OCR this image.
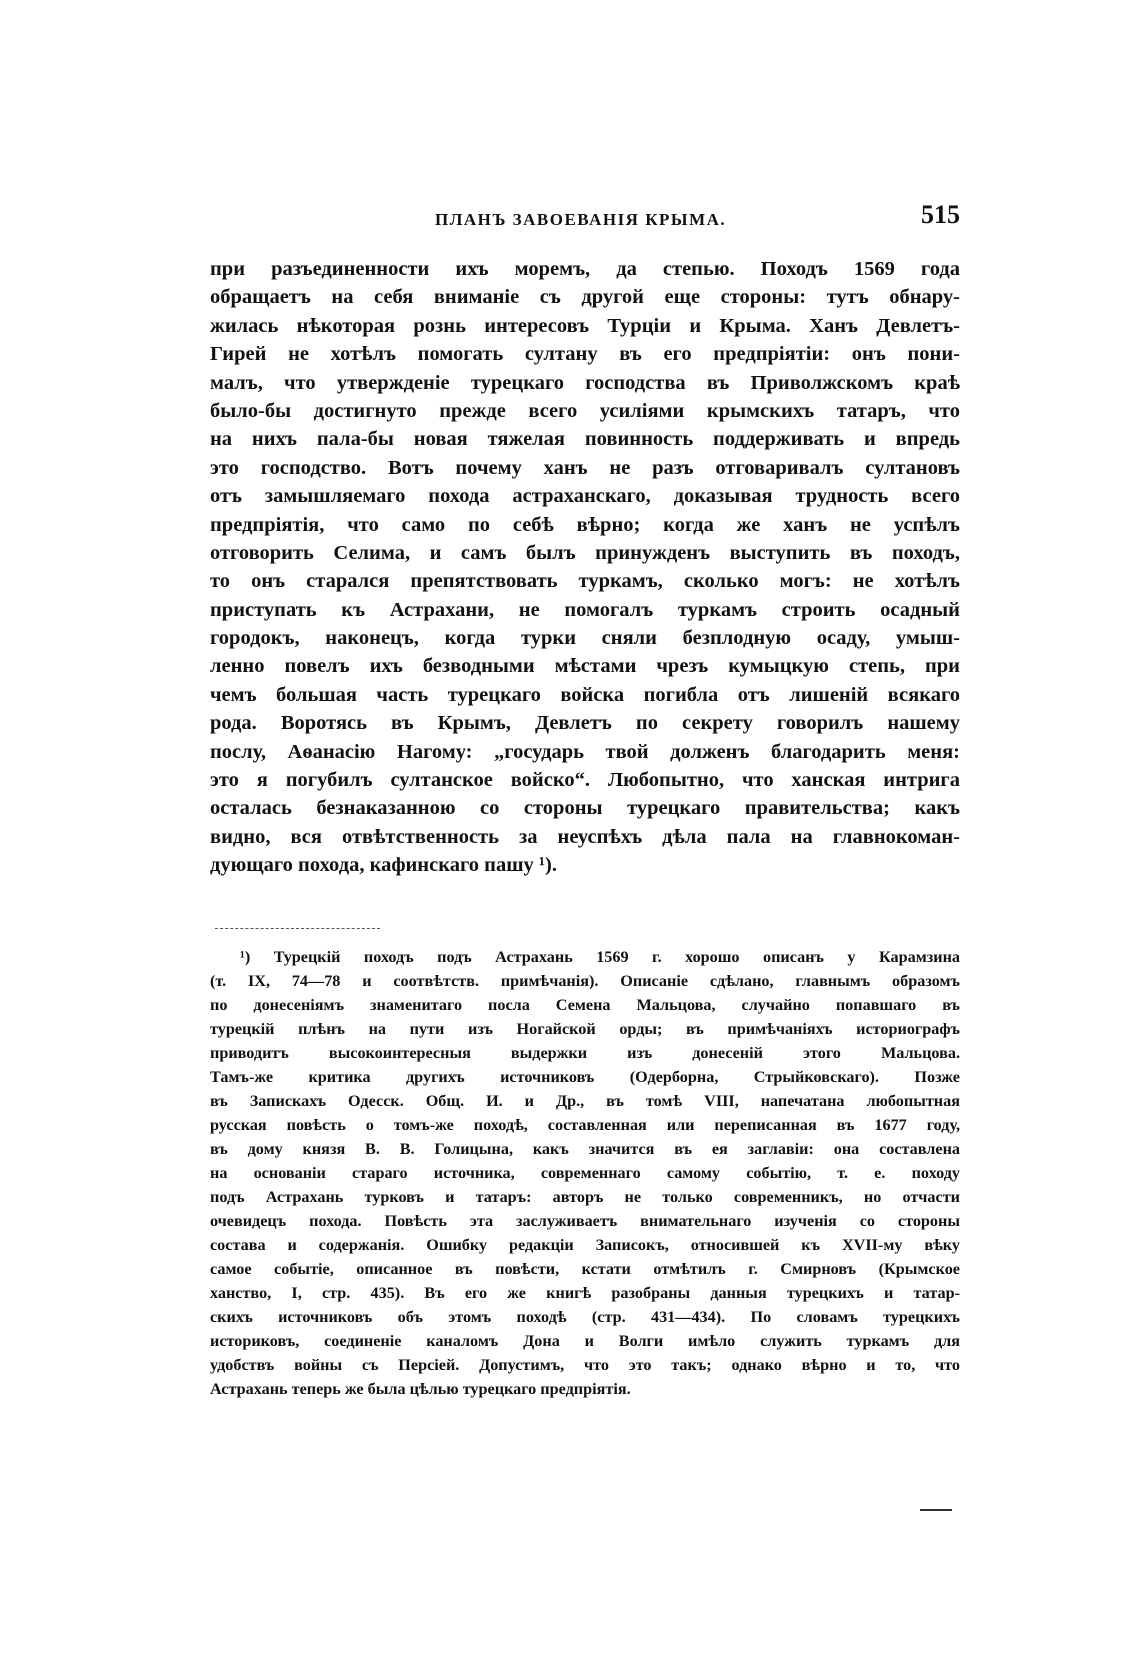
ПЛАНЪ ЗАВОЕВАНІЯ КРЫМА.	515
при разъединенности ихъ моремъ, да степью. Походъ 1569 года
обращаетъ на себя вниманіе съ другой еще стороны: тутъ обнару-
жилась нѣкоторая рознь интересовъ Турціи и Крыма. Ханъ Девлетъ-
Гирей не хотѣлъ помогать султану въ его предпріятіи: онъ пони-
малъ, что утвержденіе турецкаго господства въ Приволжскомъ краѣ
было-бы достигнуто прежде всего усиліями крымскихъ татаръ, что
на нихъ пала-бы новая тяжелая повинность поддерживать и впредь
это господство. Вотъ почему ханъ не разъ отговаривалъ султановъ
отъ замышляемаго похода астраханскаго, доказывая трудность всего
предпріятія, что само по себѣ вѣрно; когда же ханъ не успѣлъ
отговорить Селима, и самъ былъ принужденъ выступить въ походъ,
то онъ старался препятствовать туркамъ, сколько могъ: не хотѣлъ
приступать къ Астрахани, не помогалъ туркамъ строить осадный
городокъ, наконецъ, когда турки сняли безплодную осаду, умыш-
ленно повелъ ихъ безводными мѣстами чрезъ кумыцкую степь, при
чемъ большая часть турецкаго войска погибла отъ лишеній всякаго
рода. Воротясь въ Крымъ, Девлетъ по секрету говорилъ нашему
послу, Аѳанасію Нагому: „государь твой долженъ благодарить меня:
это я погубилъ султанское войско“. Любопытно, что ханская интрига
осталась безнаказанною со стороны турецкаго правительства; какъ
видно, вся отвѣтственность за неуспѣхъ дѣла пала на главнокоман-
дующаго похода, кафинскаго пашу ¹).
¹) Турецкій походъ подъ Астрахань 1569 г. хорошо описанъ у Карамзина
(т. IX, 74—78 и соотвѣтств. примѣчанія). Описаніе сдѣлано, главнымъ образомъ
по донесеніямъ знаменитаго посла Семена Мальцова, случайно попавшаго въ
турецкій плѣнъ на пути изъ Ногайской орды; въ примѣчаніяхъ историографъ
приводитъ высокоинтересныя выдержки изъ донесеній этого Мальцова.
Тамъ-же критика другихъ источниковъ (Одерборна, Стрыйковскаго). Позже
въ Запискахъ Одесск. Общ. И. и Др., въ томѣ VIII, напечатана любопытная
русская повѣсть о томъ-же походѣ, составленная или переписанная въ 1677 году,
въ дому князя В. В. Голицына, какъ значится въ ея заглавіи: она составлена
на основаніи стараго источника, современнаго самому событію, т. е. походу
подъ Астрахань турковъ и татаръ: авторъ не только современникъ, но отчасти
очевидецъ похода. Повѣсть эта заслуживаетъ внимательнаго изученія со стороны
состава и содержанія. Ошибку редакціи Записокъ, относившей къ XVII-му вѣку
самое событіе, описанное въ повѣсти, кстати отмѣтилъ г. Смирновъ (Крымское
ханство, I, стр. 435). Въ его же книгѣ разобраны данныя турецкихъ и татар-
скихъ источниковъ объ этомъ походѣ (стр. 431—434). По словамъ турецкихъ
историковъ, соединеніе каналомъ Дона и Волги имѣло служить туркамъ для
удобствъ войны съ Персіей. Допустимъ, что это такъ; однако вѣрно и то, что
Астрахань теперь же была цѣлью турецкаго предпріятія.
